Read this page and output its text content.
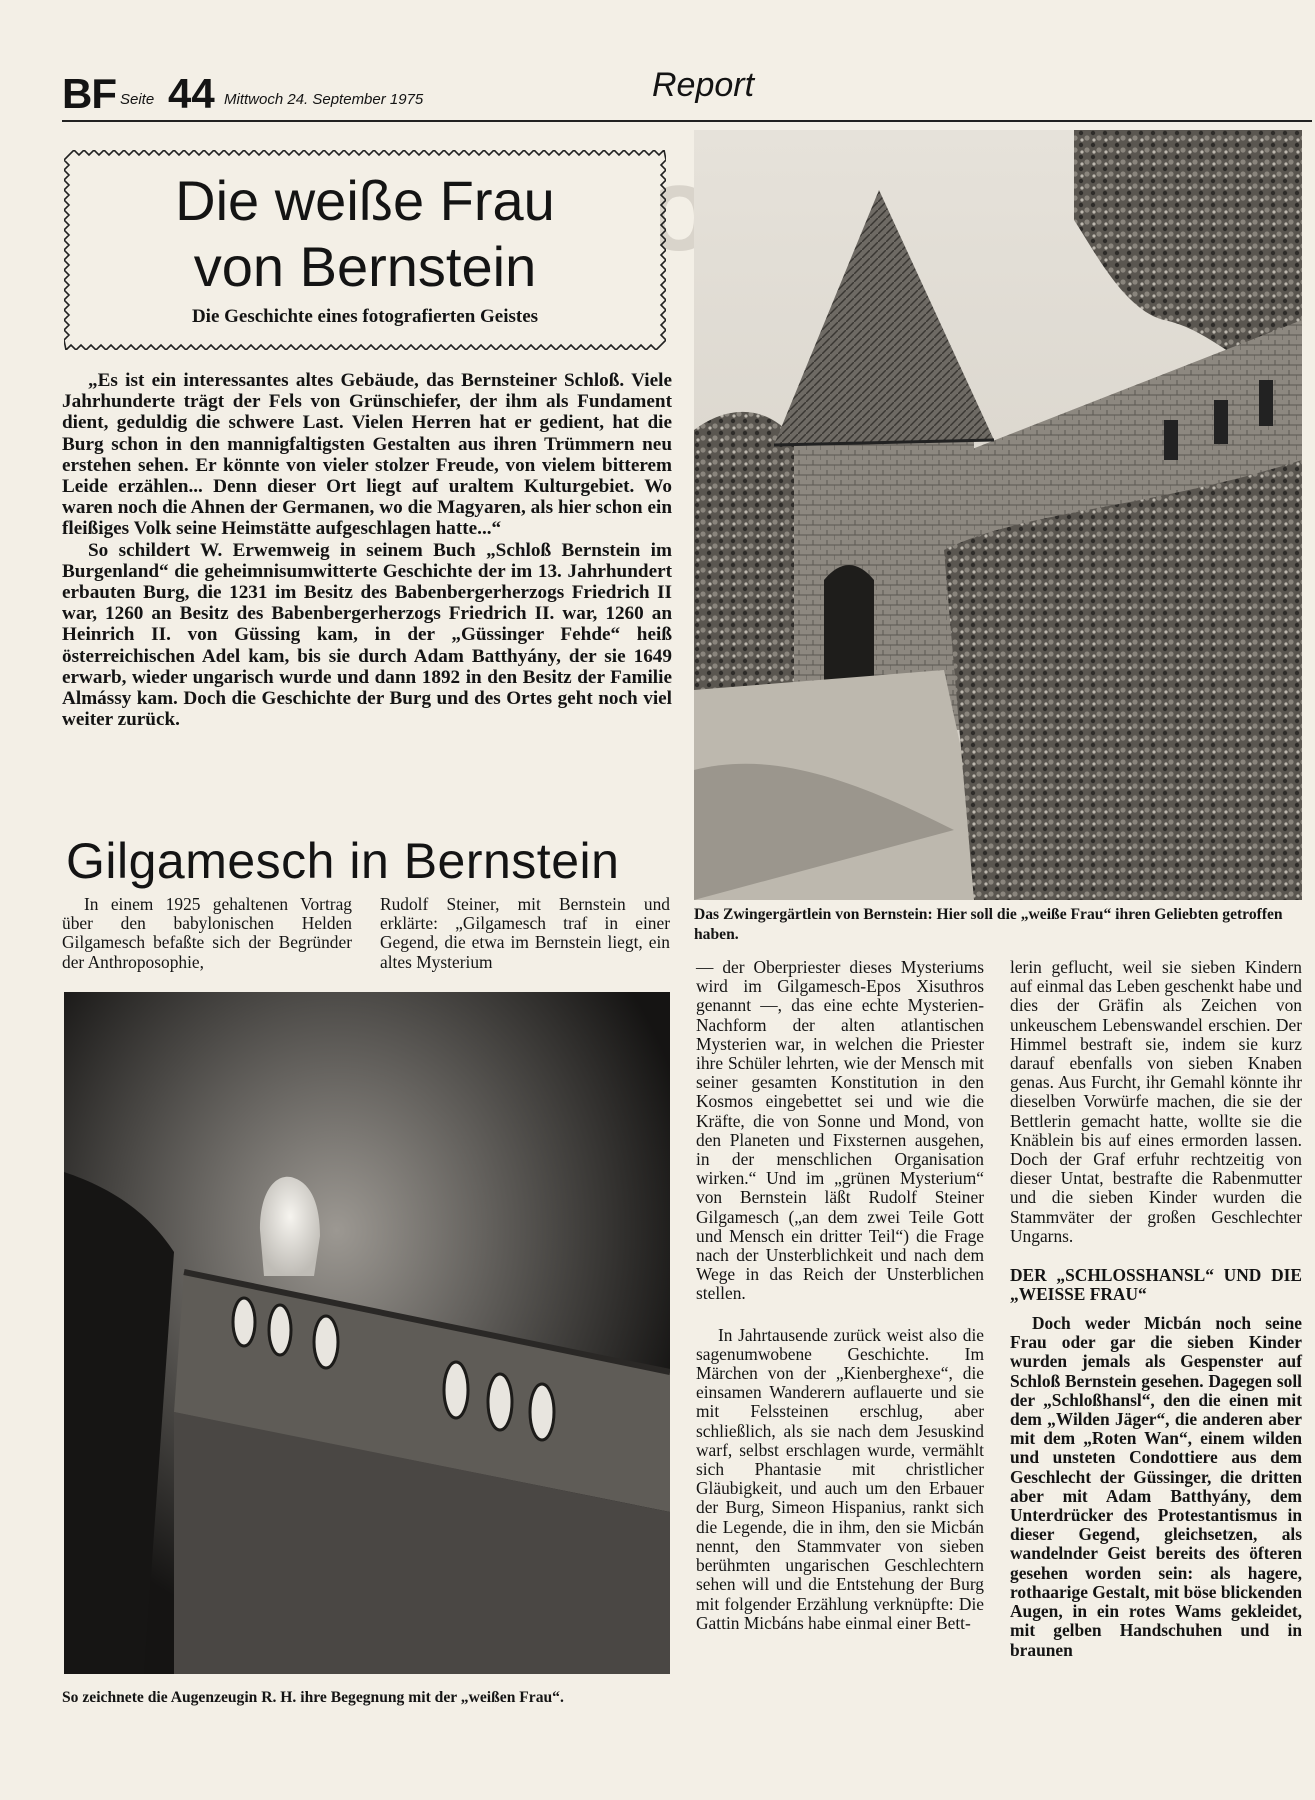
BF Seite 44 Mittwoch 24. September 1975	Report
Die weiße Frau
von Bernstein
Die Geschichte eines fotografierten Geistes
Das Zwingergärtlein von Bernstein: Hier soll die „weiße Frau“ ihren Geliebten getroffen haben.

„Es ist ein interessantes altes Gebäude, das Bernsteiner Schloß. Viele Jahrhunderte trägt der Fels von Grünschiefer, der ihm als Fundament dient, geduldig die schwere Last. Vielen Herren hat er gedient, hat die Burg schon in den mannigfaltigsten Gestalten aus ihren Trümmern neu erstehen sehen. Er könnte von vieler stolzer Freude, von vielem bitterem Leide erzählen... Denn dieser Ort liegt auf uraltem Kulturgebiet. Wo waren noch die Ahnen der Germanen, wo die Magyaren, als hier schon ein fleißiges Volk seine Heimstätte aufgeschlagen hatte...“

So schildert W. Erwemweig in seinem Buch „Schloß Bernstein im Burgenland“ die geheimnisumwitterte Geschichte der im 13. Jahrhundert erbauten Burg, die 1231 im Besitz des Babenbergerherzogs Friedrich II war, 1260 an Besitz des Babenbergerherzogs Friedrich II. war, 1260 an Heinrich II. von Güssing kam, in der „Güssinger Fehde“ heiß österreichischen Adel kam, bis sie durch Adam Batthyány, der sie 1649 erwarb, wieder ungarisch wurde und dann 1892 in den Besitz der Familie Almássy kam. Doch die Geschichte der Burg und des Ortes geht noch viel weiter zurück.

Gilgamesch in Bernstein

In einem 1925 gehaltenen Vortrag über den babylonischen Helden Gilgamesch befaßte sich der Begründer der Anthroposophie,

Rudolf Steiner, mit Bernstein und erklärte: „Gilgamesch traf in einer Gegend, die etwa im Bernstein liegt, ein altes Mysterium

So zeichnete die Augenzeugin R. H. ihre Begegnung mit der „weißen Frau“.

— der Oberpriester dieses Mysteriums wird im Gilgamesch-Epos Xisuthros genannt —, das eine echte Mysterien-Nachform der alten atlantischen Mysterien war, in welchen die Priester ihre Schüler lehrten, wie der Mensch mit seiner gesamten Konstitution in den Kosmos eingebettet sei und wie die Kräfte, die von Sonne und Mond, von den Planeten und Fixsternen ausgehen, in der menschlichen Organisation wirken.“ Und im „grünen Mysterium“ von Bernstein läßt Rudolf Steiner Gilgamesch („an dem zwei Teile Gott und Mensch ein dritter Teil“) die Frage nach der Unsterblichkeit und nach dem Wege in das Reich der Unsterblichen stellen.

In Jahrtausende zurück weist also die sagenumwobene Geschichte. Im Märchen von der „Kienberghexe“, die einsamen Wanderern auflauerte und sie mit Felssteinen erschlug, aber schließlich, als sie nach dem Jesuskind warf, selbst erschlagen wurde, vermählt sich Phantasie mit christlicher Gläubigkeit, und auch um den Erbauer der Burg, Simeon Hispanius, rankt sich die Legende, die in ihm, den sie Micbán nennt, den Stammvater von sieben berühmten ungarischen Geschlechtern sehen will und die Entstehung der Burg mit folgender Erzählung verknüpfte: Die Gattin Micbáns habe einmal einer Bett-

lerin geflucht, weil sie sieben Kindern auf einmal das Leben geschenkt habe und dies der Gräfin als Zeichen von unkeuschem Lebenswandel erschien. Der Himmel bestraft sie, indem sie kurz darauf ebenfalls von sieben Knaben genas. Aus Furcht, ihr Gemahl könnte ihr dieselben Vorwürfe machen, die sie der Bettlerin gemacht hatte, wollte sie die Knäblein bis auf eines ermorden lassen. Doch der Graf erfuhr rechtzeitig von dieser Untat, bestrafte die Rabenmutter und die sieben Kinder wurden die Stammväter der großen Geschlechter Ungarns.

DER „SCHLOSSHANSL“ UND DIE „WEISSE FRAU“

Doch weder Micbán noch seine Frau oder gar die sieben Kinder wurden jemals als Gespenster auf Schloß Bernstein gesehen. Dagegen soll der „Schloßhansl“, den die einen mit dem „Wilden Jäger“, die anderen aber mit dem „Roten Wan“, einem wilden und unsteten Condottiere aus dem Geschlecht der Güssinger, die dritten aber mit Adam Batthyány, dem Unterdrücker des Protestantismus in dieser Gegend, gleichsetzen, als wandelnder Geist bereits des öfteren gesehen worden sein: als hagere, rothaarige Gestalt, mit böse blickenden Augen, in ein rotes Wams gekleidet, mit gelben Handschuhen und in braunen
